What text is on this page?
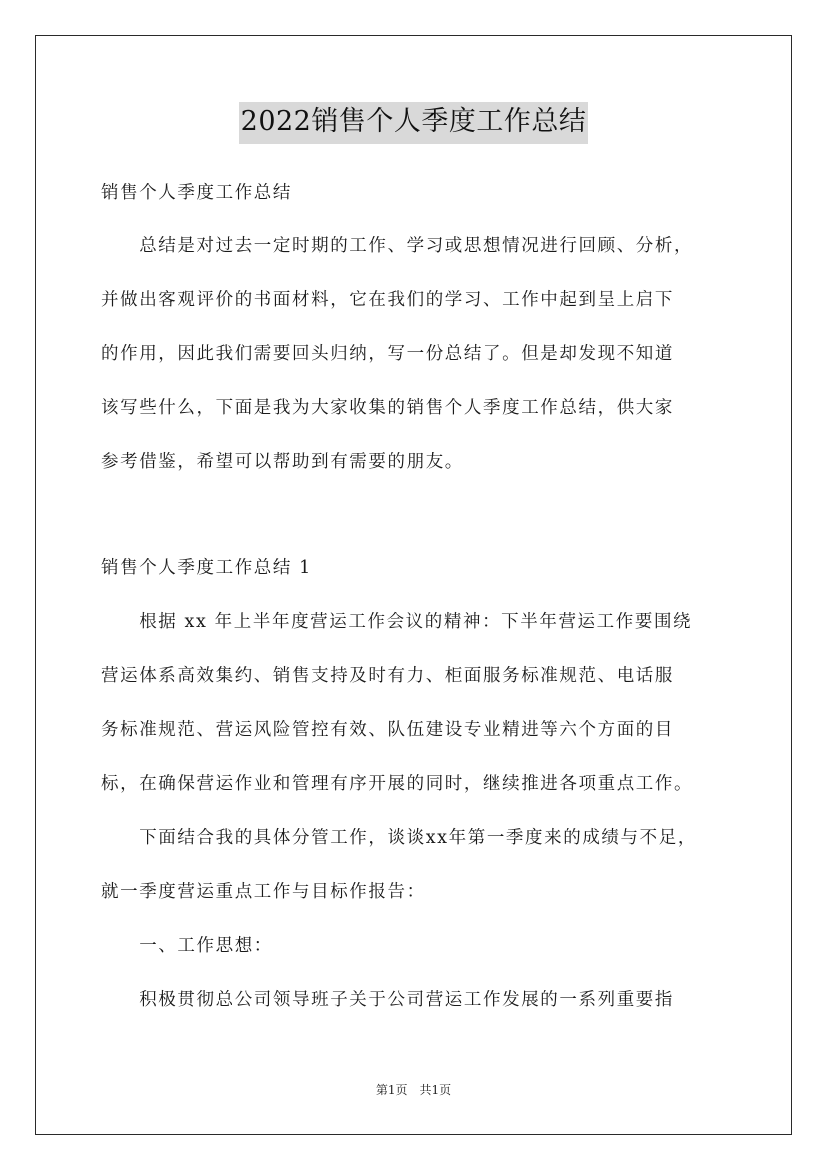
2022销售个人季度工作总结
销售个人季度工作总结
　　总结是对过去一定时期的工作、学习或思想情况进行回顾、分析，
并做出客观评价的书面材料，它在我们的学习、工作中起到呈上启下
的作用，因此我们需要回头归纳，写一份总结了。但是却发现不知道
该写些什么，下面是我为大家收集的销售个人季度工作总结，供大家
参考借鉴，希望可以帮助到有需要的朋友。
销售个人季度工作总结 1
　　根据 xx 年上半年度营运工作会议的精神：下半年营运工作要围绕
营运体系高效集约、销售支持及时有力、柜面服务标准规范、电话服
务标准规范、营运风险管控有效、队伍建设专业精进等六个方面的目
标，在确保营运作业和管理有序开展的同时，继续推进各项重点工作。
　　下面结合我的具体分管工作，谈谈xx年第一季度来的成绩与不足，
就一季度营运重点工作与目标作报告：
　　一、工作思想：
　　积极贯彻总公司领导班子关于公司营运工作发展的一系列重要指
第1页　共1页
